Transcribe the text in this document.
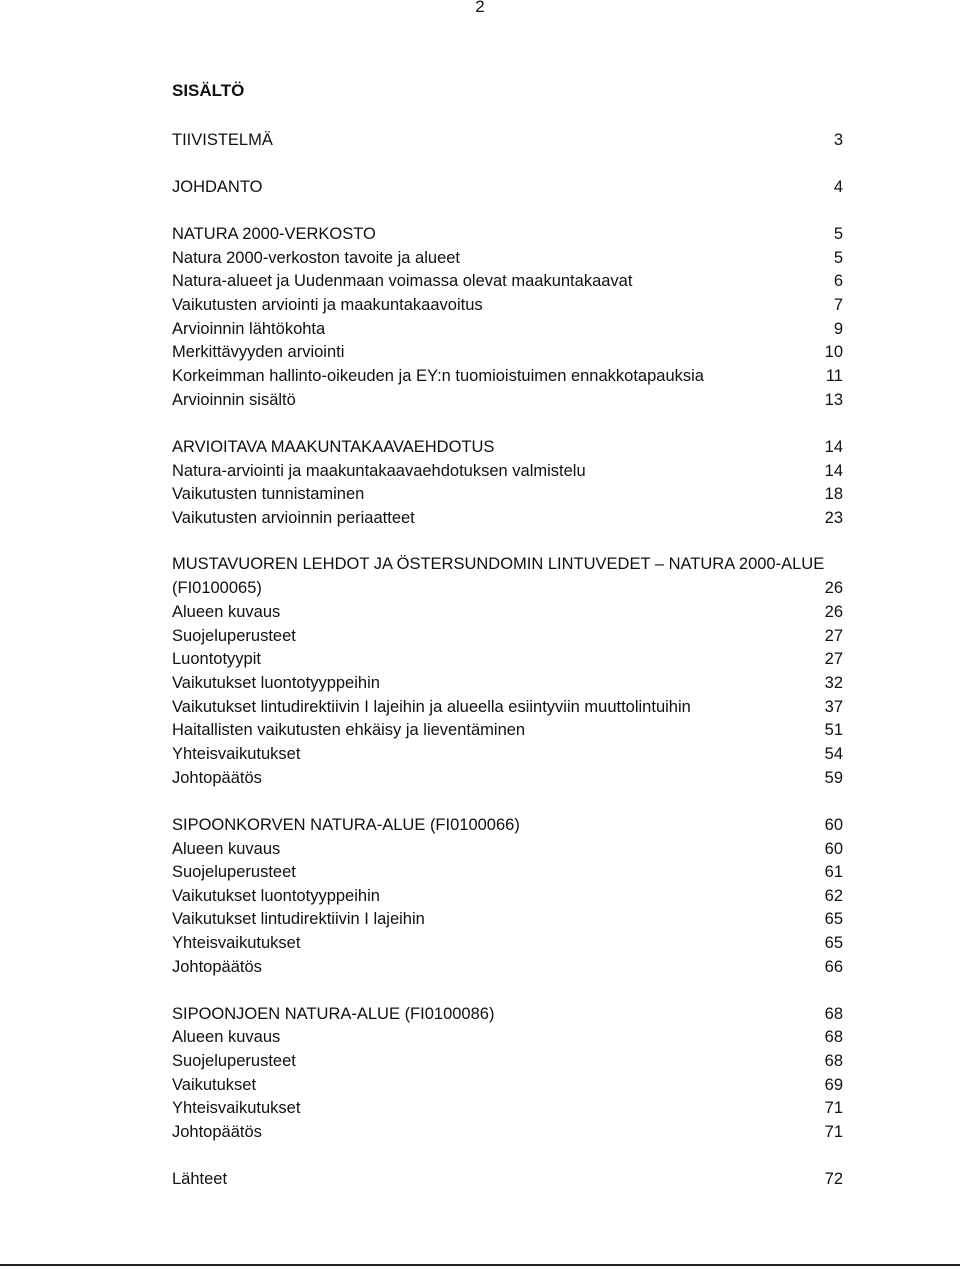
2
SISÄLTÖ
TIIVISTELMÄ	3
JOHDANTO	4
NATURA 2000-VERKOSTO	5
Natura 2000-verkoston tavoite ja alueet	5
Natura-alueet ja Uudenmaan voimassa olevat maakuntakaavat	6
Vaikutusten arviointi ja maakuntakaavoitus	7
Arvioinnin lähtökohta	9
Merkittävyyden arviointi	10
Korkeimman hallinto-oikeuden ja EY:n tuomioistuimen ennakkotapauksia	11
Arvioinnin sisältö	13
ARVIOITAVA MAAKUNTAKAAVAEHDOTUS	14
Natura-arviointi ja maakuntakaavaehdotuksen valmistelu	14
Vaikutusten tunnistaminen	18
Vaikutusten arvioinnin periaatteet	23
MUSTAVUOREN LEHDOT JA ÖSTERSUNDOMIN LINTUVEDET – NATURA 2000-ALUE
(FI0100065)	26
Alueen kuvaus	26
Suojeluperusteet	27
Luontotyypit	27
Vaikutukset luontotyyppeihin	32
Vaikutukset lintudirektiivin I lajeihin ja alueella esiintyviin muuttolintuihin	37
Haitallisten vaikutusten ehkäisy ja lieventäminen	51
Yhteisvaikutukset	54
Johtopäätös	59
SIPOONKORVEN NATURA-ALUE (FI0100066)	60
Alueen kuvaus	60
Suojeluperusteet	61
Vaikutukset luontotyyppeihin	62
Vaikutukset lintudirektiivin I lajeihin	65
Yhteisvaikutukset	65
Johtopäätös	66
SIPOONJOEN NATURA-ALUE (FI0100086)	68
Alueen kuvaus	68
Suojeluperusteet	68
Vaikutukset	69
Yhteisvaikutukset	71
Johtopäätös	71
Lähteet	72
